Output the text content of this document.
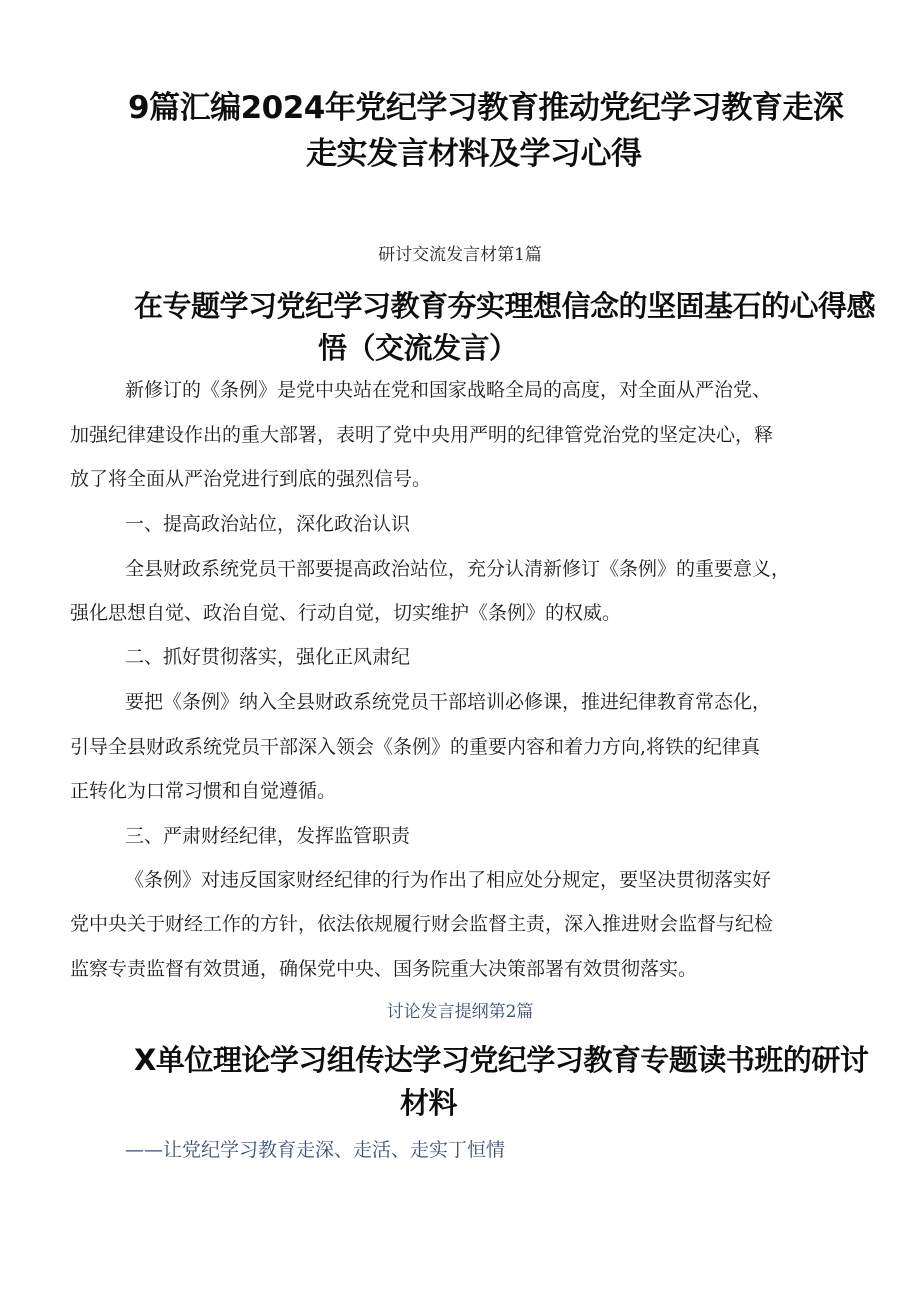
9篇汇编2024年党纪学习教育推动党纪学习教育走深
走实发言材料及学习心得
研讨交流发言材第1篇
在专题学习党纪学习教育夯实理想信念的坚固基石的心得感
悟（交流发言）

新修订的《条例》是党中央站在党和国家战略全局的高度，对全面从严治党、

加强纪律建设作出的重大部署，表明了党中央用严明的纪律管党治党的坚定决心，释

放了将全面从严治党进行到底的强烈信号。

一、提高政治站位，深化政治认识

全县财政系统党员干部要提高政治站位，充分认清新修订《条例》的重要意义，

强化思想自觉、政治自觉、行动自觉，切实维护《条例》的权威。

二、抓好贯彻落实，强化正风肃纪

要把《条例》纳入全县财政系统党员干部培训必修课，推进纪律教育常态化，

引导全县财政系统党员干部深入领会《条例》的重要内容和着力方向,将铁的纪律真

正转化为口常习惯和自觉遵循。

三、严肃财经纪律，发挥监管职责

《条例》对违反国家财经纪律的行为作出了相应处分规定，要坚决贯彻落实好

党中央关于财经工作的方针，依法依规履行财会监督主责，深入推进财会监督与纪检

监察专责监督有效贯通，确保党中央、国务院重大决策部署有效贯彻落实。

讨论发言提纲第2篇
X单位理论学习组传达学习党纪学习教育专题读书班的研讨
材料

——让党纪学习教育走深、走活、走实丁恒情
